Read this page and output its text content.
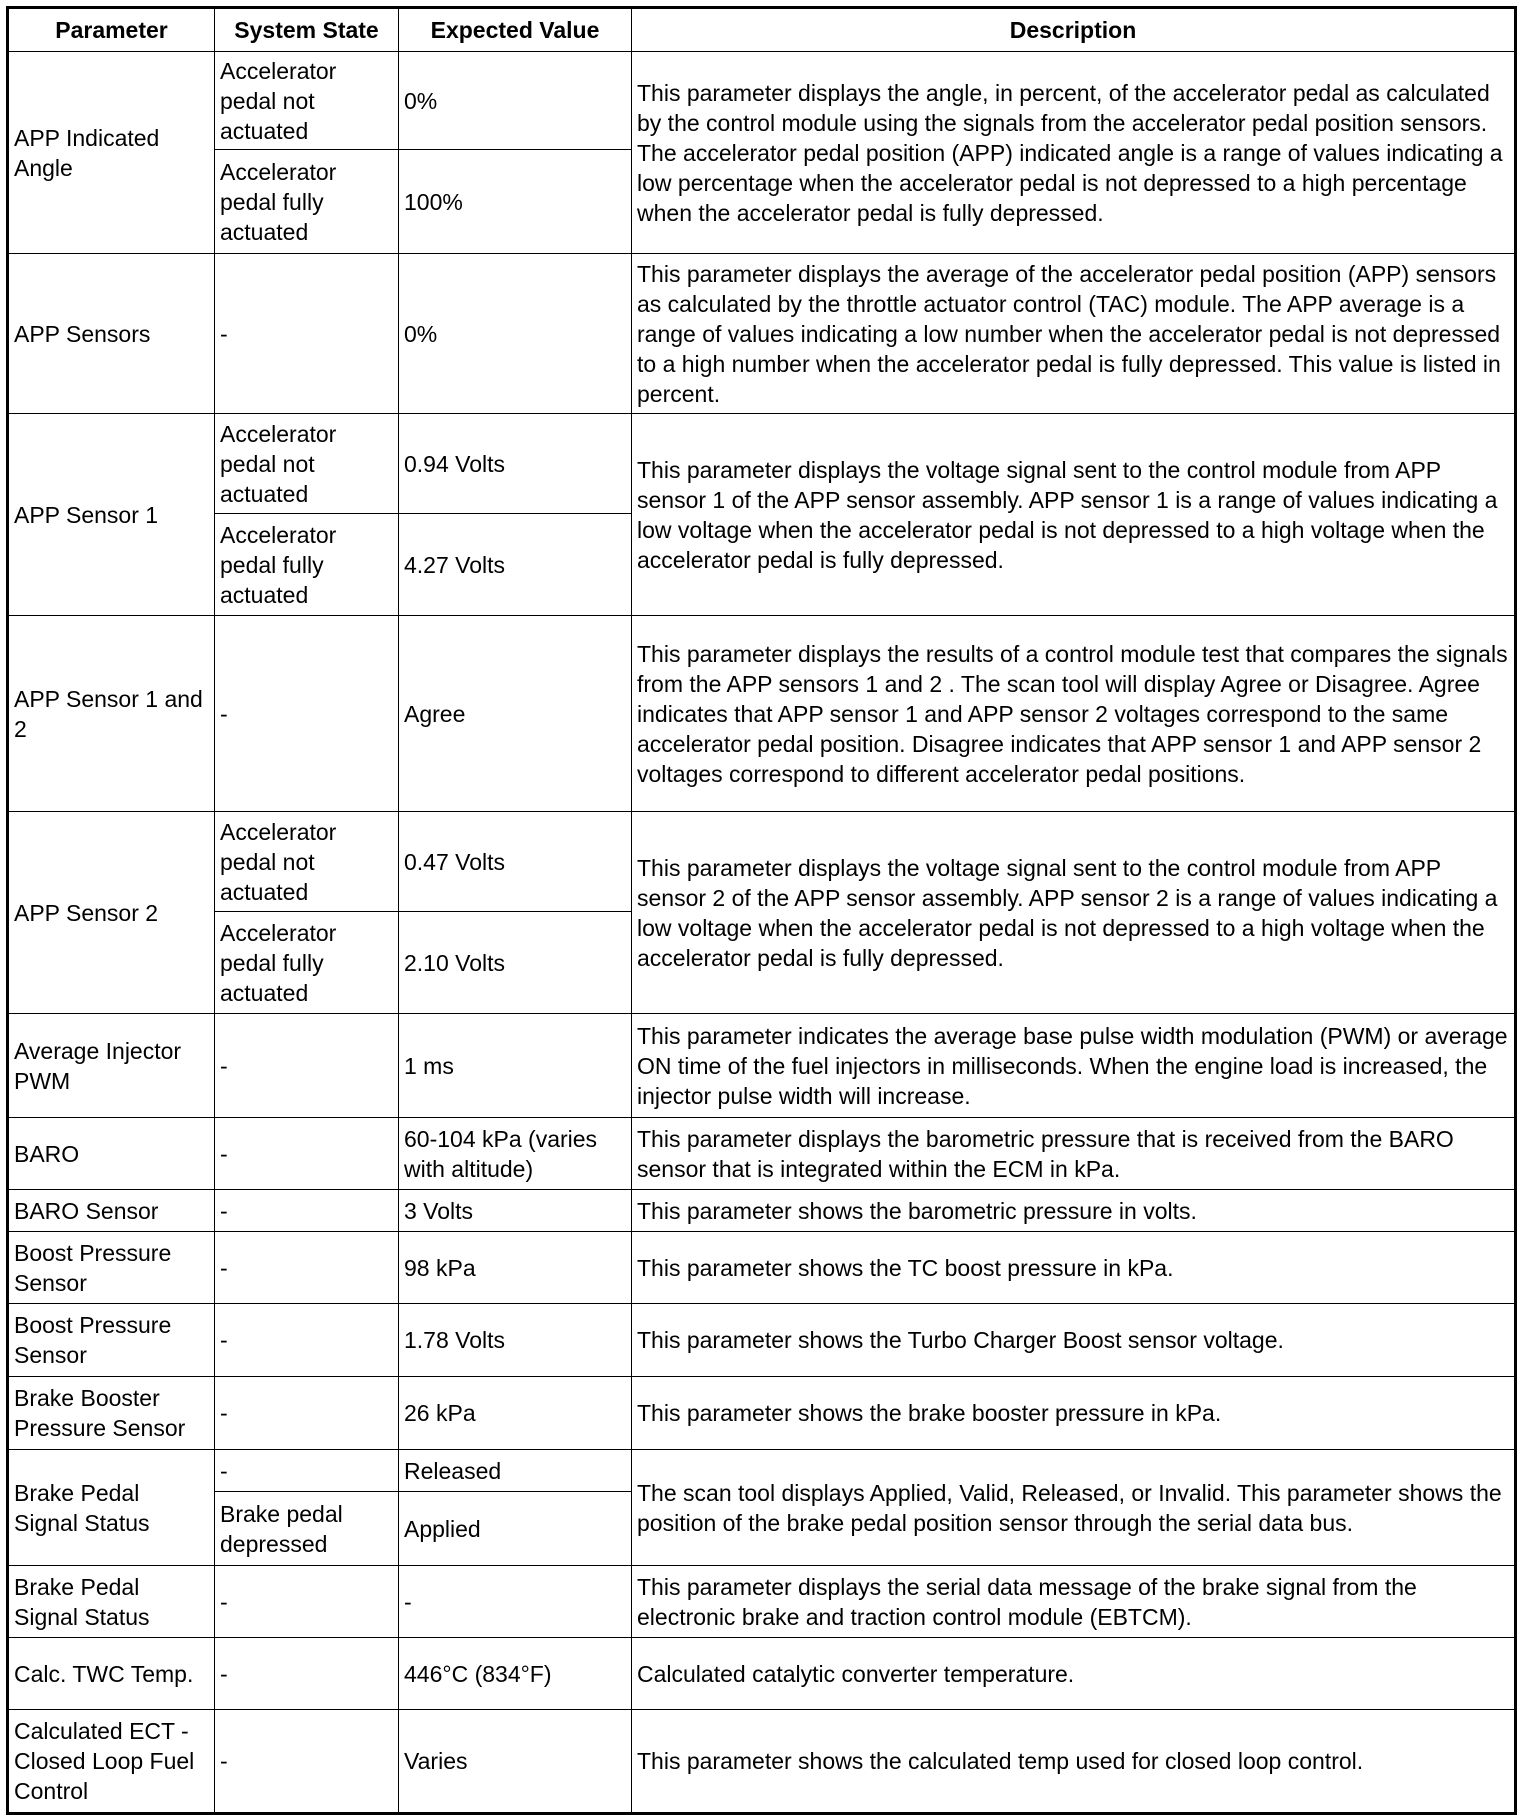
Parameter	System State	Expected Value	Description
APP Indicated Angle	Accelerator pedal not actuated	0%	This parameter displays the angle, in percent, of the accelerator pedal as calculated by the control module using the signals from the accelerator pedal position sensors. The accelerator pedal position (APP) indicated angle is a range of values indicating a low percentage when the accelerator pedal is not depressed to a high percentage when the accelerator pedal is fully depressed.
	Accelerator pedal fully actuated	100%	
APP Sensors	-	0%	This parameter displays the average of the accelerator pedal position (APP) sensors as calculated by the throttle actuator control (TAC) module. The APP average is a range of values indicating a low number when the accelerator pedal is not depressed to a high number when the accelerator pedal is fully depressed. This value is listed in percent.
APP Sensor 1	Accelerator pedal not actuated	0.94 Volts	This parameter displays the voltage signal sent to the control module from APP sensor 1 of the APP sensor assembly. APP sensor 1 is a range of values indicating a low voltage when the accelerator pedal is not depressed to a high voltage when the accelerator pedal is fully depressed.
	Accelerator pedal fully actuated	4.27 Volts	
APP Sensor 1 and 2	-	Agree	This parameter displays the results of a control module test that compares the signals from the APP sensors 1 and 2 . The scan tool will display Agree or Disagree. Agree indicates that APP sensor 1 and APP sensor 2 voltages correspond to the same accelerator pedal position. Disagree indicates that APP sensor 1 and APP sensor 2 voltages correspond to different accelerator pedal positions.
APP Sensor 2	Accelerator pedal not actuated	0.47 Volts	This parameter displays the voltage signal sent to the control module from APP sensor 2 of the APP sensor assembly. APP sensor 2 is a range of values indicating a low voltage when the accelerator pedal is not depressed to a high voltage when the accelerator pedal is fully depressed.
	Accelerator pedal fully actuated	2.10 Volts	
Average Injector PWM	-	1 ms	This parameter indicates the average base pulse width modulation (PWM) or average ON time of the fuel injectors in milliseconds. When the engine load is increased, the injector pulse width will increase.
BARO	-	60-104 kPa (varies with altitude)	This parameter displays the barometric pressure that is received from the BARO sensor that is integrated within the ECM in kPa.
BARO Sensor	-	3 Volts	This parameter shows the barometric pressure in volts.
Boost Pressure Sensor	-	98 kPa	This parameter shows the TC boost pressure in kPa.
Boost Pressure Sensor	-	1.78 Volts	This parameter shows the Turbo Charger Boost sensor voltage.
Brake Booster Pressure Sensor	-	26 kPa	This parameter shows the brake booster pressure in kPa.
Brake Pedal Signal Status	-	Released	The scan tool displays Applied, Valid, Released, or Invalid. This parameter shows the position of the brake pedal position sensor through the serial data bus.
	Brake pedal depressed	Applied	
Brake Pedal Signal Status	-	-	This parameter displays the serial data message of the brake signal from the electronic brake and traction control module (EBTCM).
Calc. TWC Temp.	-	446°C (834°F)	Calculated catalytic converter temperature.
Calculated ECT - Closed Loop Fuel Control	-	Varies	This parameter shows the calculated temp used for closed loop control.
